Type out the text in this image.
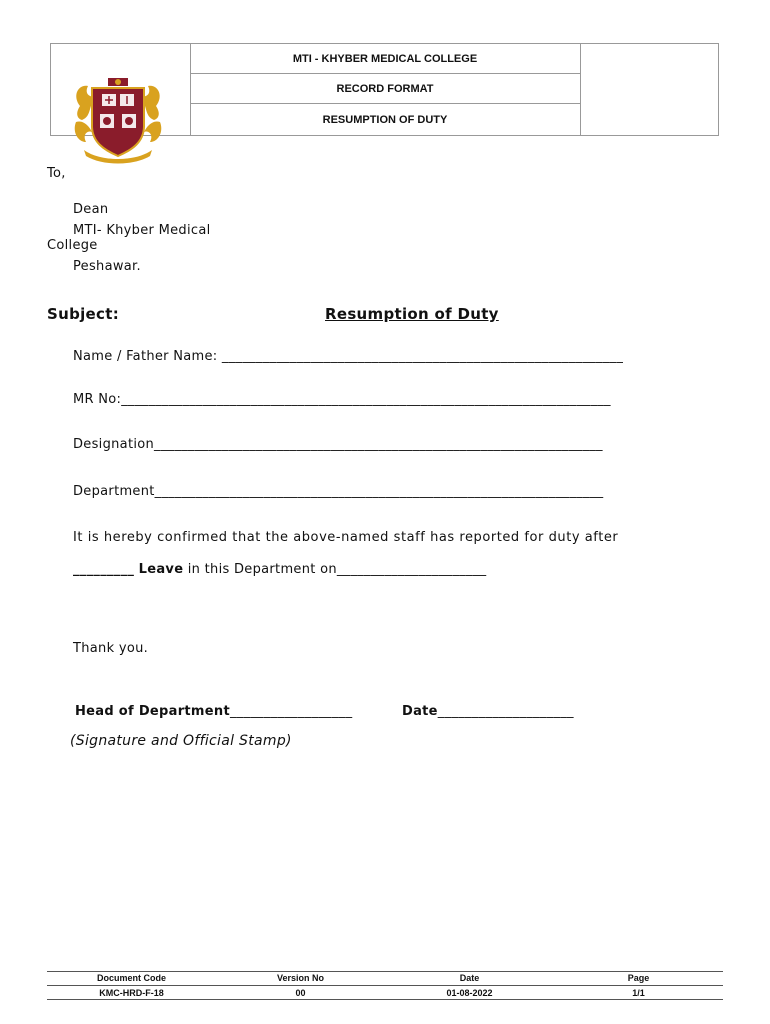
MTI - KHYBER MEDICAL COLLEGE
RECORD FORMAT
RESUMPTION OF DUTY
To,
Dean
MTI- Khyber Medical
College
Peshawar.
Subject:	Resumption of Duty
Name / Father Name: ___________________________________________________________
MR No:________________________________________________________________________
Designation__________________________________________________________________
Department__________________________________________________________________
It is hereby confirmed that the above-named staff has reported for duty after
_________ Leave in this Department on______________________
Thank you.
Head of Department__________________	Date____________________
(Signature and Official Stamp)
Document Code	Version No	Date	Page
KMC-HRD-F-18	00	01-08-2022	1/1
